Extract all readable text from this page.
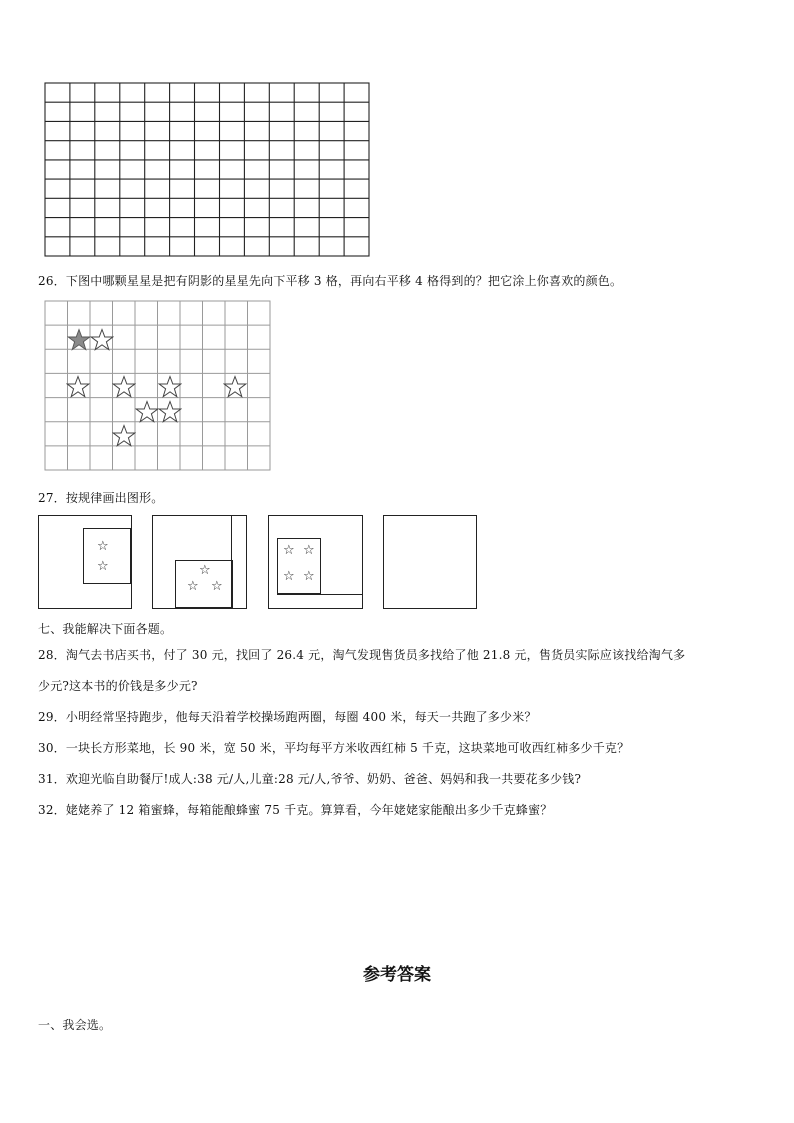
26．下图中哪颗星星是把有阴影的星星先向下平移 3 格，再向右平移 4 格得到的？把它涂上你喜欢的颜色。
27．按规律画出图形。
☆
☆	☆
☆ ☆
☆ ☆
☆ ☆
七、我能解决下面各题。
28．淘气去书店买书，付了 30 元，找回了 26.4 元，淘气发现售货员多找给了他 21.8 元，售货员实际应该找给淘气多
少元?这本书的价钱是多少元?
29．小明经常坚持跑步，他每天沿着学校操场跑两圈，每圈 400 米，每天一共跑了多少米？
30．一块长方形菜地，长 90 米，宽 50 米，平均每平方米收西红柿 5 千克，这块菜地可收西红柿多少千克？
31．欢迎光临自助餐厅!成人:38 元/人,儿童:28 元/人,爷爷、奶奶、爸爸、妈妈和我一共要花多少钱?
32．姥姥养了 12 箱蜜蜂，每箱能酿蜂蜜 75 千克。算算看，今年姥姥家能酿出多少千克蜂蜜？
参考答案
一、我会选。
